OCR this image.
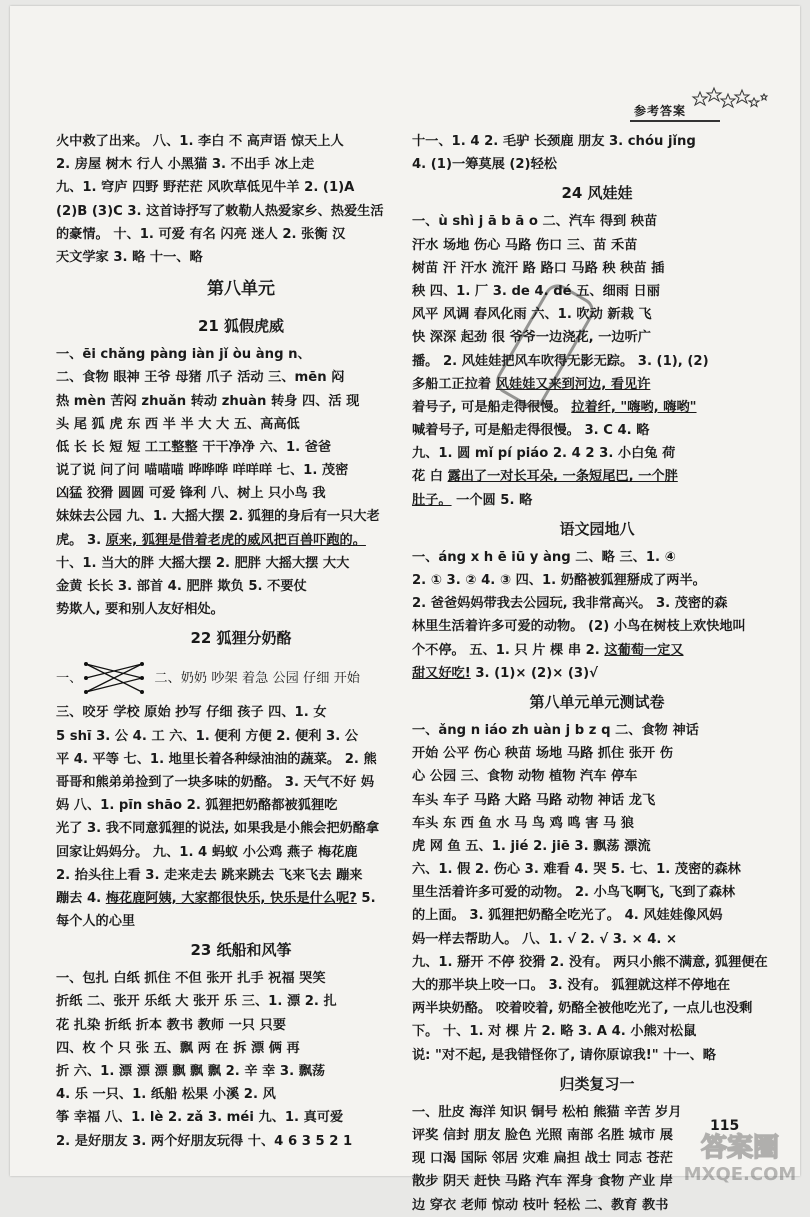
参考答案
火中救了出来。 八、1. 李白 不 高声语 惊天上人
2. 房屋 树木 行人 小黑猫 3. 不出手 冰上走
九、1. 穹庐 四野 野茫茫 风吹草低见牛羊 2. (1)A
(2)B (3)C 3. 这首诗抒写了敕勒人热爱家乡、热爱生活
的豪情。 十、1. 可爱 有名 闪亮 迷人 2. 张衡 汉
天文学家 3. 略 十一、略
第八单元
21 狐假虎威
一、ēi chǎng pàng iàn jǐ òu àng n、
二、食物 眼神 王爷 母猪 爪子 活动 三、mēn 闷
热 mèn 苦闷 zhuǎn 转动 zhuàn 转身 四、活 现
头 尾 狐 虎 东 西 半 半 大 大 五、高高低
低 长 长 短 短 工工整整 干干净净 六、1. 爸爸
说了说 问了问 喵喵喵 哗哗哗 咩咩咩 七、1. 茂密
凶猛 狡猾 圆圆 可爱 锋利 八、树上 只小鸟 我
妹妹去公园 九、1. 大摇大摆 2. 狐狸的身后有一只大老
虎。 3. 原来, 狐狸是借着老虎的威风把百兽吓跑的。
十、1. 当大的胖 大摇大摆 2. 肥胖 大摇大摆 大大
金黄 长长 3. 部首 4. 肥胖 欺负 5. 不要仗
势欺人, 要和别人友好相处。
22 狐狸分奶酪
一、	二、奶奶 吵架 着急 公园 仔细 开始
三、咬牙 学校 原始 抄写 仔细 孩子 四、1. 女
5 shī 3. 公 4. 工 六、1. 便利 方便 2. 便利 3. 公
平 4. 平等 七、1. 地里长着各种绿油油的蔬菜。 2. 熊
哥哥和熊弟弟捡到了一块多味的奶酪。 3. 天气不好 妈
妈 八、1. pīn shāo 2. 狐狸把奶酪都被狐狸吃
光了 3. 我不同意狐狸的说法, 如果我是小熊会把奶酪拿
回家让妈妈分。 九、1. 4 蚂蚁 小公鸡 燕子 梅花鹿
2. 抬头往上看 3. 走来走去 跳来跳去 飞来飞去 蹦来
蹦去 4. 梅花鹿阿姨, 大家都很快乐, 快乐是什么呢? 5.
每个人的心里
23 纸船和风筝
一、包扎 白纸 抓住 不但 张开 扎手 祝福 哭笑
折纸 二、张开 乐纸 大 张开 乐 三、1. 漂 2. 扎
花 扎染 折纸 折本 教书 教师 一只 只要
四、枚 个 只 张 五、飘 两 在 拆 漂 俩 再
折 六、1. 漂 漂 漂 飘 飘 飘 2. 辛 幸 3. 飘荡
4. 乐 一只、1. 纸船 松果 小溪 2. 风
筝 幸福 八、1. lè 2. zǎ 3. méi 九、1. 真可爱
2. 是好朋友 3. 两个好朋友玩得 十、4 6 3 5 2 1
十一、1. 4 2. 毛驴 长颈鹿 朋友 3. chóu jǐng
4. (1)一筹莫展 (2)轻松
24 风娃娃
一、ù shì j ā b ā o 二、汽车 得到 秧苗
汗水 场地 伤心 马路 伤口 三、苗 禾苗
树苗 汗 汗水 流汗 路 路口 马路 秧 秧苗 插
秧 四、1. 厂 3. de 4. dé 五、细雨 日丽
风平 风调 春风化雨 六、1. 吹动 新栽 飞
快 深深 起劲 很 爷爷一边浇花, 一边听广
播。 2. 风娃娃把风车吹得无影无踪。 3. (1), (2)
多船工正拉着 风娃娃又来到河边, 看见许
着号子, 可是船走得很慢。 拉着纤, "嗨哟, 嗨哟"
喊着号子, 可是船走得很慢。 3. C 4. 略
九、1. 圆 mǐ pí piáo 2. 4 2 3. 小白兔 荷
花 白 露出了一对长耳朵, 一条短尾巴, 一个胖
肚子。 一个圆 5. 略
语文园地八
一、áng x h ē iū y àng 二、略 三、1. ④
2. ① 3. ② 4. ③ 四、1. 奶酪被狐狸掰成了两半。
2. 爸爸妈妈带我去公园玩, 我非常高兴。 3. 茂密的森
林里生活着许多可爱的动物。 (2) 小鸟在树枝上欢快地叫
个不停。 五、1. 只 片 棵 串 2. 这葡萄一定又
甜又好吃! 3. (1)× (2)× (3)√
第八单元单元测试卷
一、ǎng n iáo zh uàn j b z q 二、食物 神话
开始 公平 伤心 秧苗 场地 马路 抓住 张开 伤
心 公园 三、食物 动物 植物 汽车 停车
车头 车子 马路 大路 马路 动物 神话 龙飞
车头 东 西 鱼 水 马 鸟 鸡 鸣 害 马 狼
虎 网 鱼 五、1. jié 2. jiē 3. 飘荡 漂流
六、1. 假 2. 伤心 3. 难看 4. 哭 5. 七、1. 茂密的森林
里生活着许多可爱的动物。 2. 小鸟飞啊飞, 飞到了森林
的上面。 3. 狐狸把奶酪全吃光了。 4. 风娃娃像风妈
妈一样去帮助人。 八、1. √ 2. √ 3. × 4. ×
九、1. 掰开 不停 狡猾 2. 没有。 两只小熊不满意, 狐狸便在
大的那半块上咬一口。 3. 没有。 狐狸就这样不停地在
两半块奶酪。 咬着咬着, 奶酪全被他吃光了, 一点儿也没剩
下。 十、1. 对 棵 片 2. 略 3. A 4. 小熊对松鼠
说: "对不起, 是我错怪你了, 请你原谅我!" 十一、略
归类复习一
一、肚皮 海洋 知识 铜号 松柏 熊猫 辛苦 岁月
评奖 信封 朋友 脸色 光照 南部 名胜 城市 展
现 口渴 国际 邻居 灾难 扁担 战士 同志 苍茫
散步 阴天 赶快 马路 汽车 浑身 食物 产业 岸
边 穿衣 老师 惊动 枝叶 轻松 二、教育 教书
115
答案圈
MXQE.COM
